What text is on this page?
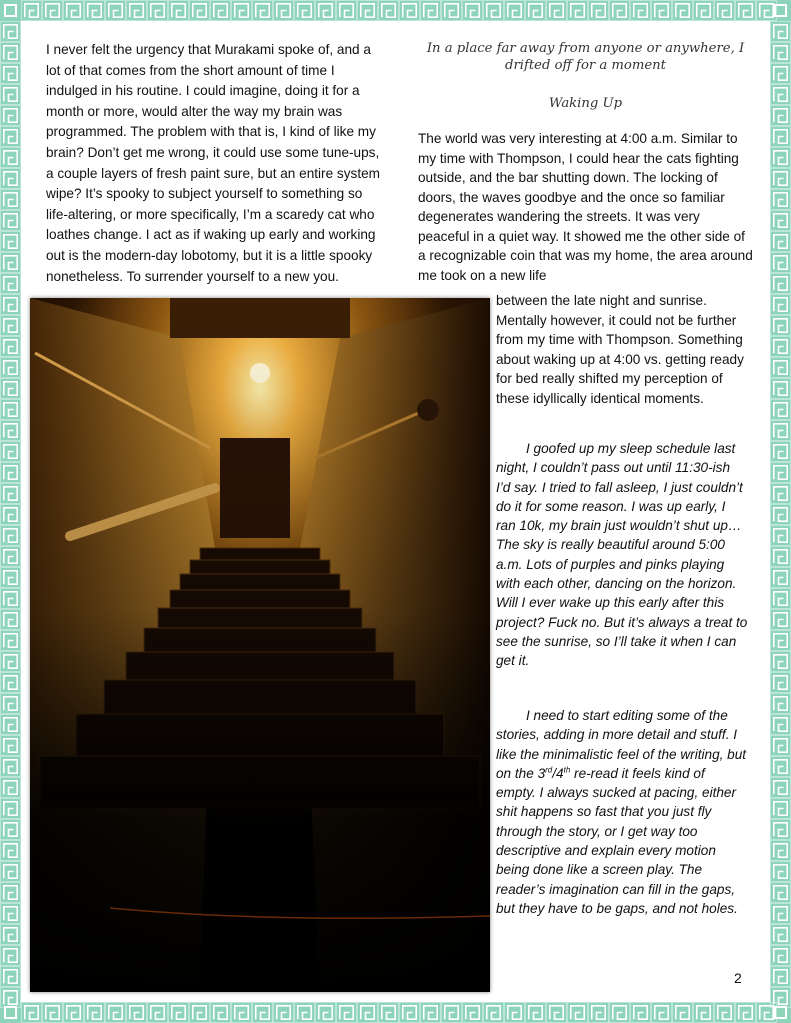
I never felt the urgency that Murakami spoke of, and a lot of that comes from the short amount of time I indulged in his routine. I could imagine, doing it for a month or more, would alter the way my brain was programmed. The problem with that is, I kind of like my brain? Don’t get me wrong, it could use some tune-ups, a couple layers of fresh paint sure, but an entire system wipe? It’s spooky to subject yourself to something so life-altering, or more specifically, I’m a scaredy cat who loathes change. I act as if waking up early and working out is the modern-day lobotomy, but it is a little spooky nonetheless. To surrender yourself to a new you.

In a place far away from anyone or anywhere, I drifted off for a moment

Waking Up

The world was very interesting at 4:00 a.m. Similar to my time with Thompson, I could hear the cats fighting outside, and the bar shutting down. The locking of doors, the waves goodbye and the once so familiar degenerates wandering the streets. It was very peaceful in a quiet way. It showed me the other side of a recognizable coin that was my home, the area around me took on a new life

between the late night and sunrise. Mentally however, it could not be further from my time with Thompson. Something about waking up at 4:00 vs. getting ready for bed really shifted my perception of these idyllically identical moments.
I goofed up my sleep schedule last night, I couldn’t pass out until 11:30-ish I’d say. I tried to fall asleep, I just couldn’t do it for some reason. I was up early, I ran 10k, my brain just wouldn’t shut up… The sky is really beautiful around 5:00 a.m. Lots of purples and pinks playing with each other, dancing on the horizon. Will I ever wake up this early after this project? Fuck no. But it’s always a treat to see the sunrise, so I’ll take it when I can get it.
I need to start editing some of the stories, adding in more detail and stuff. I like the minimalistic feel of the writing, but on the 3rd/4th re-read it feels kind of empty. I always sucked at pacing, either shit happens so fast that you just fly through the story, or I get way too descriptive and explain every motion being done like a screen play. The reader’s imagination can fill in the gaps, but they have to be gaps, and not holes.
2
